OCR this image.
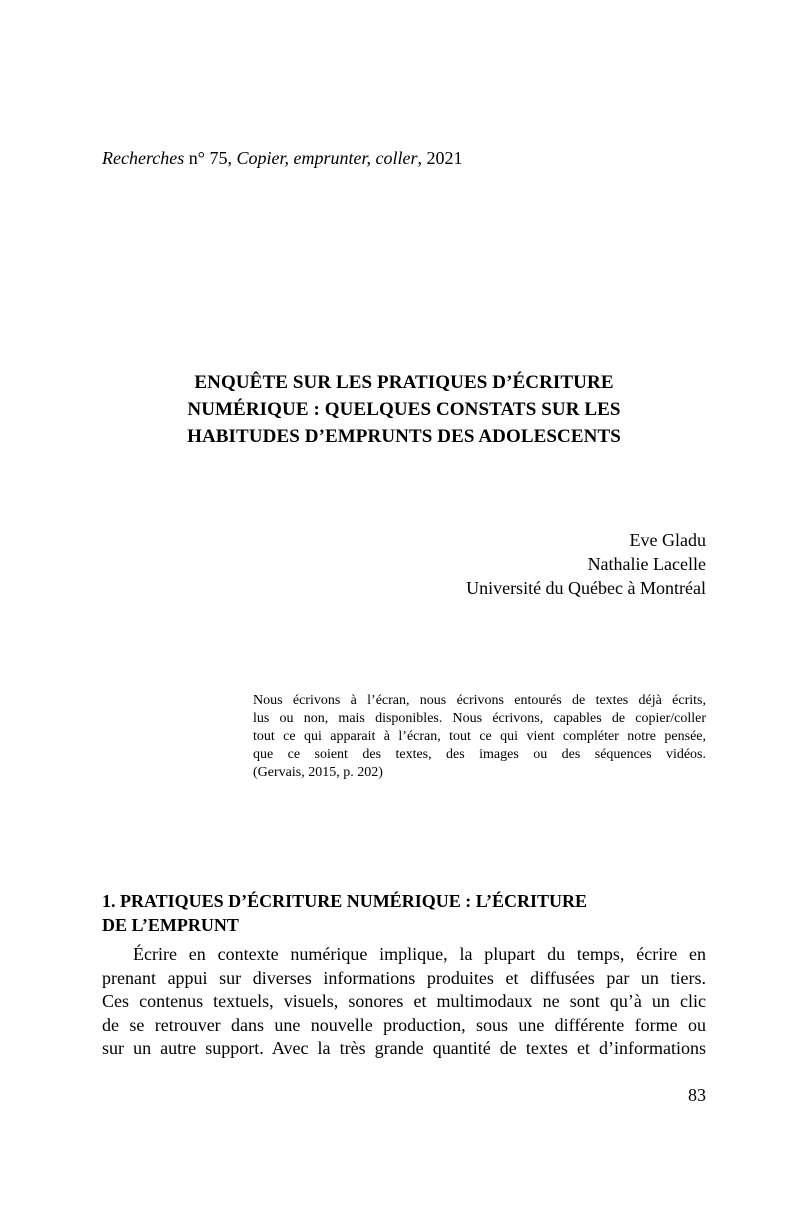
Recherches n° 75, Copier, emprunter, coller, 2021
ENQUÊTE SUR LES PRATIQUES D’ÉCRITURE
NUMÉRIQUE : QUELQUES CONSTATS SUR LES
HABITUDES D’EMPRUNTS DES ADOLESCENTS
Eve Gladu
Nathalie Lacelle
Université du Québec à Montréal
Nous écrivons à l’écran, nous écrivons entourés de textes déjà écrits,
lus ou non, mais disponibles. Nous écrivons, capables de copier/coller
tout ce qui apparait à l’écran, tout ce qui vient compléter notre pensée,
que ce soient des textes, des images ou des séquences vidéos.
(Gervais, 2015, p. 202)
1. PRATIQUES D’ÉCRITURE NUMÉRIQUE : L’ÉCRITURE
DE L’EMPRUNT
Écrire en contexte numérique implique, la plupart du temps, écrire en
prenant appui sur diverses informations produites et diffusées par un tiers.
Ces contenus textuels, visuels, sonores et multimodaux ne sont qu’à un clic
de se retrouver dans une nouvelle production, sous une différente forme ou
sur un autre support. Avec la très grande quantité de textes et d’informations
83
